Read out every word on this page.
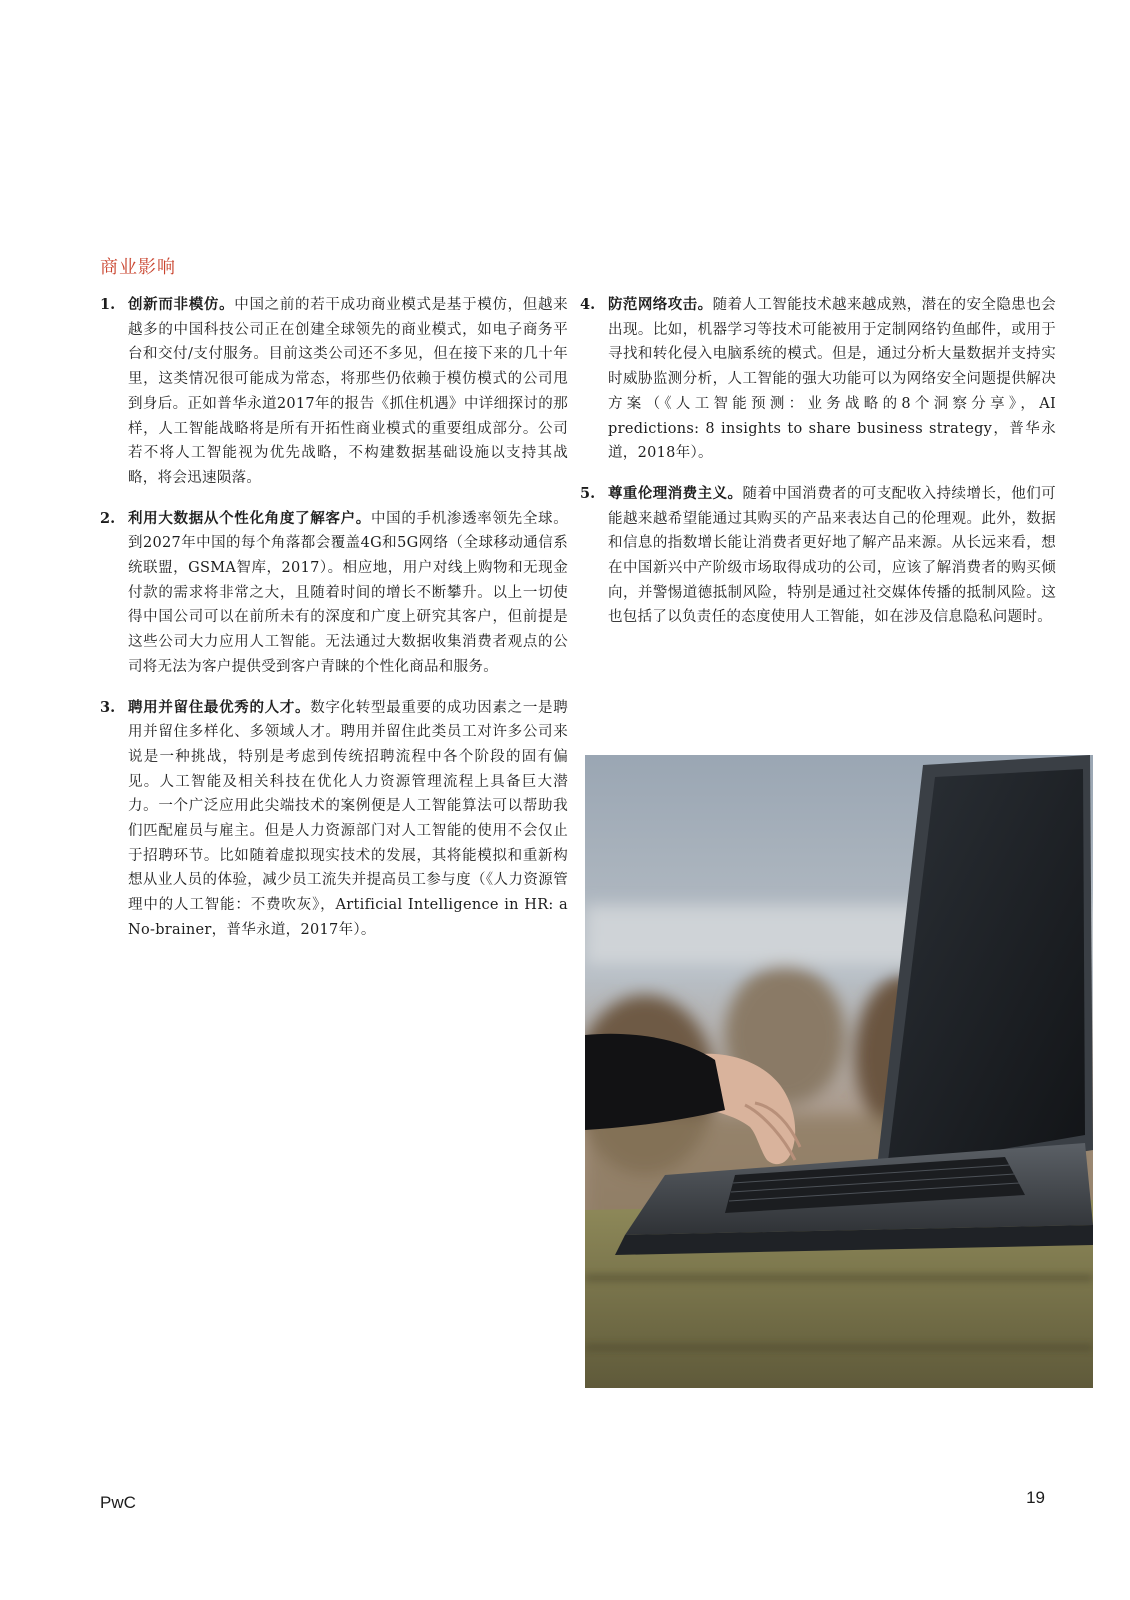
商业影响
1. 创新而非模仿。中国之前的若干成功商业模式是基于模仿，但越来越多的中国科技公司正在创建全球领先的商业模式，如电子商务平台和交付/支付服务。目前这类公司还不多见，但在接下来的几十年里，这类情况很可能成为常态，将那些仍依赖于模仿模式的公司甩到身后。正如普华永道2017年的报告《抓住机遇》中详细探讨的那样，人工智能战略将是所有开拓性商业模式的重要组成部分。公司若不将人工智能视为优先战略，不构建数据基础设施以支持其战略，将会迅速陨落。
2. 利用大数据从个性化角度了解客户。中国的手机渗透率领先全球。到2027年中国的每个角落都会覆盖4G和5G网络（全球移动通信系统联盟，GSMA智库，2017）。相应地，用户对线上购物和无现金付款的需求将非常之大，且随着时间的增长不断攀升。以上一切使得中国公司可以在前所未有的深度和广度上研究其客户，但前提是这些公司大力应用人工智能。无法通过大数据收集消费者观点的公司将无法为客户提供受到客户青睐的个性化商品和服务。
3. 聘用并留住最优秀的人才。数字化转型最重要的成功因素之一是聘用并留住多样化、多领域人才。聘用并留住此类员工对许多公司来说是一种挑战，特别是考虑到传统招聘流程中各个阶段的固有偏见。人工智能及相关科技在优化人力资源管理流程上具备巨大潜力。一个广泛应用此尖端技术的案例便是人工智能算法可以帮助我们匹配雇员与雇主。但是人力资源部门对人工智能的使用不会仅止于招聘环节。比如随着虚拟现实技术的发展，其将能模拟和重新构想从业人员的体验，减少员工流失并提高员工参与度（《人力资源管理中的人工智能：不费吹灰》，Artificial Intelligence in HR: a No-brainer，普华永道，2017年）。
4. 防范网络攻击。随着人工智能技术越来越成熟，潜在的安全隐患也会出现。比如，机器学习等技术可能被用于定制网络钓鱼邮件，或用于寻找和转化侵入电脑系统的模式。但是，通过分析大量数据并支持实时威胁监测分析，人工智能的强大功能可以为网络安全问题提供解决方案（《人工智能预测：业务战略的8个洞察分享》，AI predictions: 8 insights to share business strategy，普华永道，2018年）。
5. 尊重伦理消费主义。随着中国消费者的可支配收入持续增长，他们可能越来越希望能通过其购买的产品来表达自己的伦理观。此外，数据和信息的指数增长能让消费者更好地了解产品来源。从长远来看，想在中国新兴中产阶级市场取得成功的公司，应该了解消费者的购买倾向，并警惕道德抵制风险，特别是通过社交媒体传播的抵制风险。这也包括了以负责任的态度使用人工智能，如在涉及信息隐私问题时。
PwC	19
